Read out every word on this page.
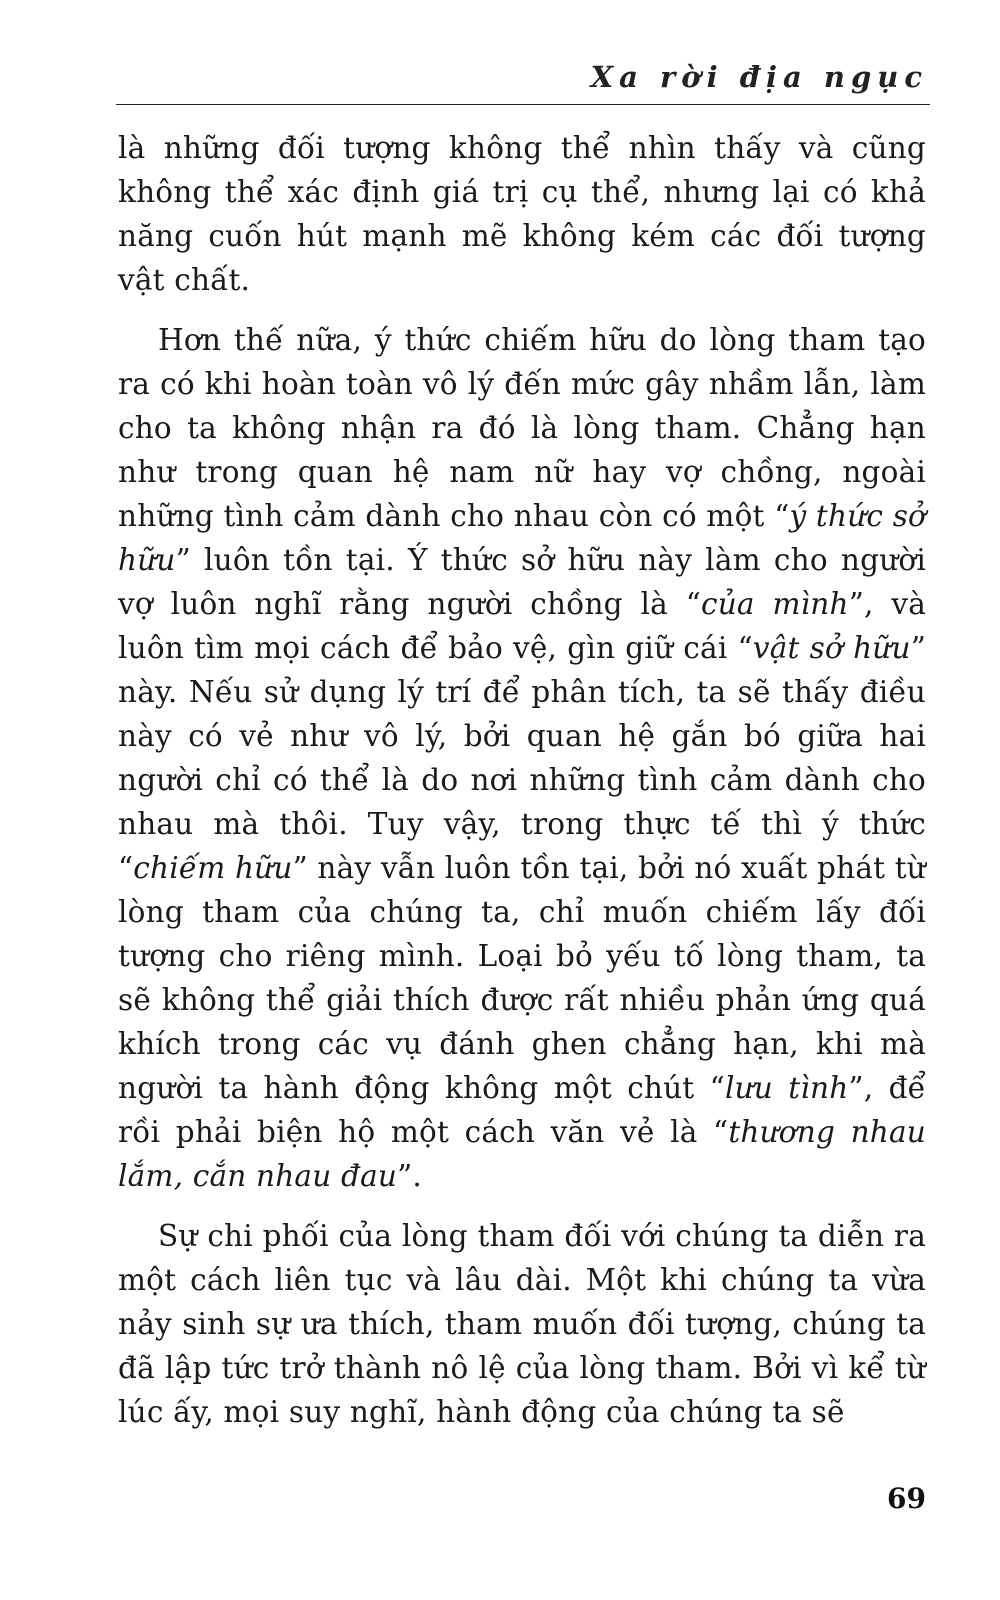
Xa rời địa ngục

là những đối tượng không thể nhìn thấy và cũng không thể xác định giá trị cụ thể, nhưng lại có khả năng cuốn hút mạnh mẽ không kém các đối tượng vật chất.

Hơn thế nữa, ý thức chiếm hữu do lòng tham tạo ra có khi hoàn toàn vô lý đến mức gây nhầm lẫn, làm cho ta không nhận ra đó là lòng tham. Chẳng hạn như trong quan hệ nam nữ hay vợ chồng, ngoài những tình cảm dành cho nhau còn có một “ý thức sở hữu” luôn tồn tại. Ý thức sở hữu này làm cho người vợ luôn nghĩ rằng người chồng là “của mình”, và luôn tìm mọi cách để bảo vệ, gìn giữ cái “vật sở hữu” này. Nếu sử dụng lý trí để phân tích, ta sẽ thấy điều này có vẻ như vô lý, bởi quan hệ gắn bó giữa hai người chỉ có thể là do nơi những tình cảm dành cho nhau mà thôi. Tuy vậy, trong thực tế thì ý thức “chiếm hữu” này vẫn luôn tồn tại, bởi nó xuất phát từ lòng tham của chúng ta, chỉ muốn chiếm lấy đối tượng cho riêng mình. Loại bỏ yếu tố lòng tham, ta sẽ không thể giải thích được rất nhiều phản ứng quá khích trong các vụ đánh ghen chẳng hạn, khi mà người ta hành động không một chút “lưu tình”, để rồi phải biện hộ một cách văn vẻ là “thương nhau lắm, cắn nhau đau”.

Sự chi phối của lòng tham đối với chúng ta diễn ra một cách liên tục và lâu dài. Một khi chúng ta vừa nảy sinh sự ưa thích, tham muốn đối tượng, chúng ta đã lập tức trở thành nô lệ của lòng tham. Bởi vì kể từ lúc ấy, mọi suy nghĩ, hành động của chúng ta sẽ

69
